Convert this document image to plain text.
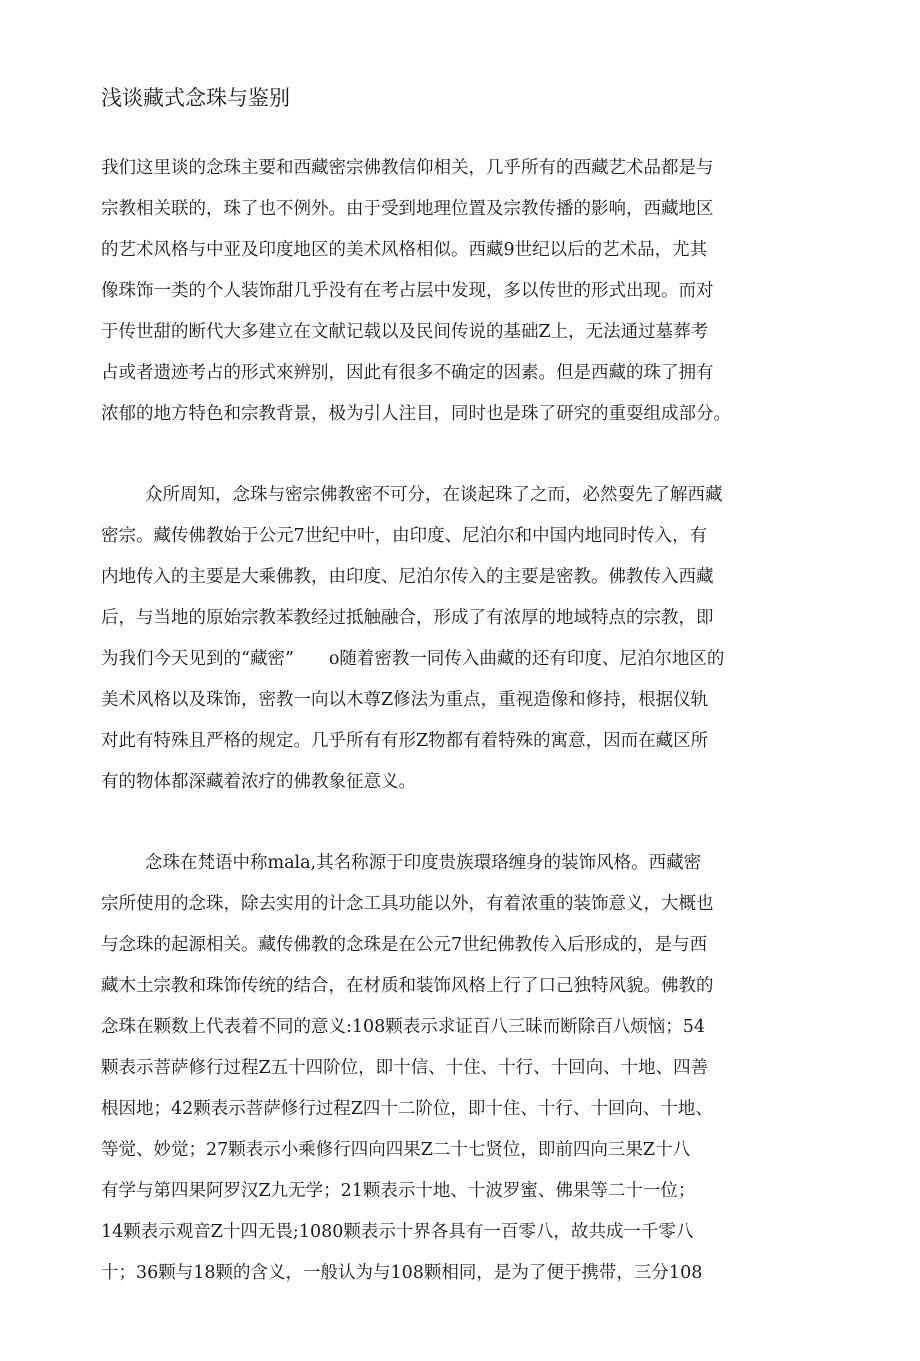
浅谈藏式念珠与鉴别
我们这里谈的念珠主要和西藏密宗佛教信仰相关，几乎所有的西藏艺术品都是与
宗教相关联的，珠了也不例外。由于受到地理位置及宗教传播的影响，西藏地区
的艺术风格与中亚及印度地区的美术风格相似。西藏9世纪以后的艺术品，尤其
像珠饰一类的个人装饰甜几乎没有在考占层中发现，多以传世的形式出现。而对
于传世甜的断代大多建立在文献记载以及民间传说的基础Z上，无法通过墓葬考
占或者遗迹考占的形式來辨别，因此有很多不确定的因素。但是西藏的珠了拥有
浓郁的地方特色和宗教背景，极为引人注目，同时也是珠了研究的重耍组成部分。
众所周知，念珠与密宗佛教密不可分，在谈起珠了之而，必然耍先了解西藏
密宗。藏传佛教始于公元7世纪中叶，由印度、尼泊尔和中国内地同时传入，有
内地传入的主要是大乘佛教，由印度、尼泊尔传入的主要是密教。佛教传入西藏
后，与当地的原始宗教苯教经过抵触融合，形成了有浓厚的地域特点的宗教，即
为我们今天见到的“藏密”　　o随着密教一同传入曲藏的还有印度、尼泊尔地区的
美术风格以及珠饰，密教一向以木尊Z修法为重点，重视造像和修持，根据仪轨
对此有特殊且严格的规定。几乎所有有形Z物都有着特殊的寓意，因而在藏区所
有的物体都深藏着浓疗的佛教象征意义。
念珠在梵语中称mala,其名称源于印度贵族環珞缠身的装饰风格。西藏密
宗所使用的念珠，除去实用的计念工具功能以外，有着浓重的装饰意义，大概也
与念珠的起源相关。藏传佛教的念珠是在公元7世纪佛教传入后形成的，是与西
藏木土宗教和珠饰传统的结合，在材质和装饰风格上行了口己独特风貌。佛教的
念珠在颗数上代表着不同的意义:108颗表示求证百八三昧而断除百八烦恼；54
颗表示菩萨修行过程Z五十四阶位，即十信、十住、十行、十回向、十地、四善
根因地；42颗表示菩萨修行过程Z四十二阶位，即十住、十行、十回向、十地、
等觉、妙觉；27颗表示小乘修行四向四果Z二十七贤位，即前四向三果Z十八
有学与第四果阿罗汉Z九无学；21颗表示十地、十波罗蜜、佛果等二十一位；
14颗表示观音Z十四无畏;1080颗表示十界各具有一百零八，故共成一千零八
十；36颗与18颗的含义，一般认为与108颗相同，是为了便于携带，三分108
